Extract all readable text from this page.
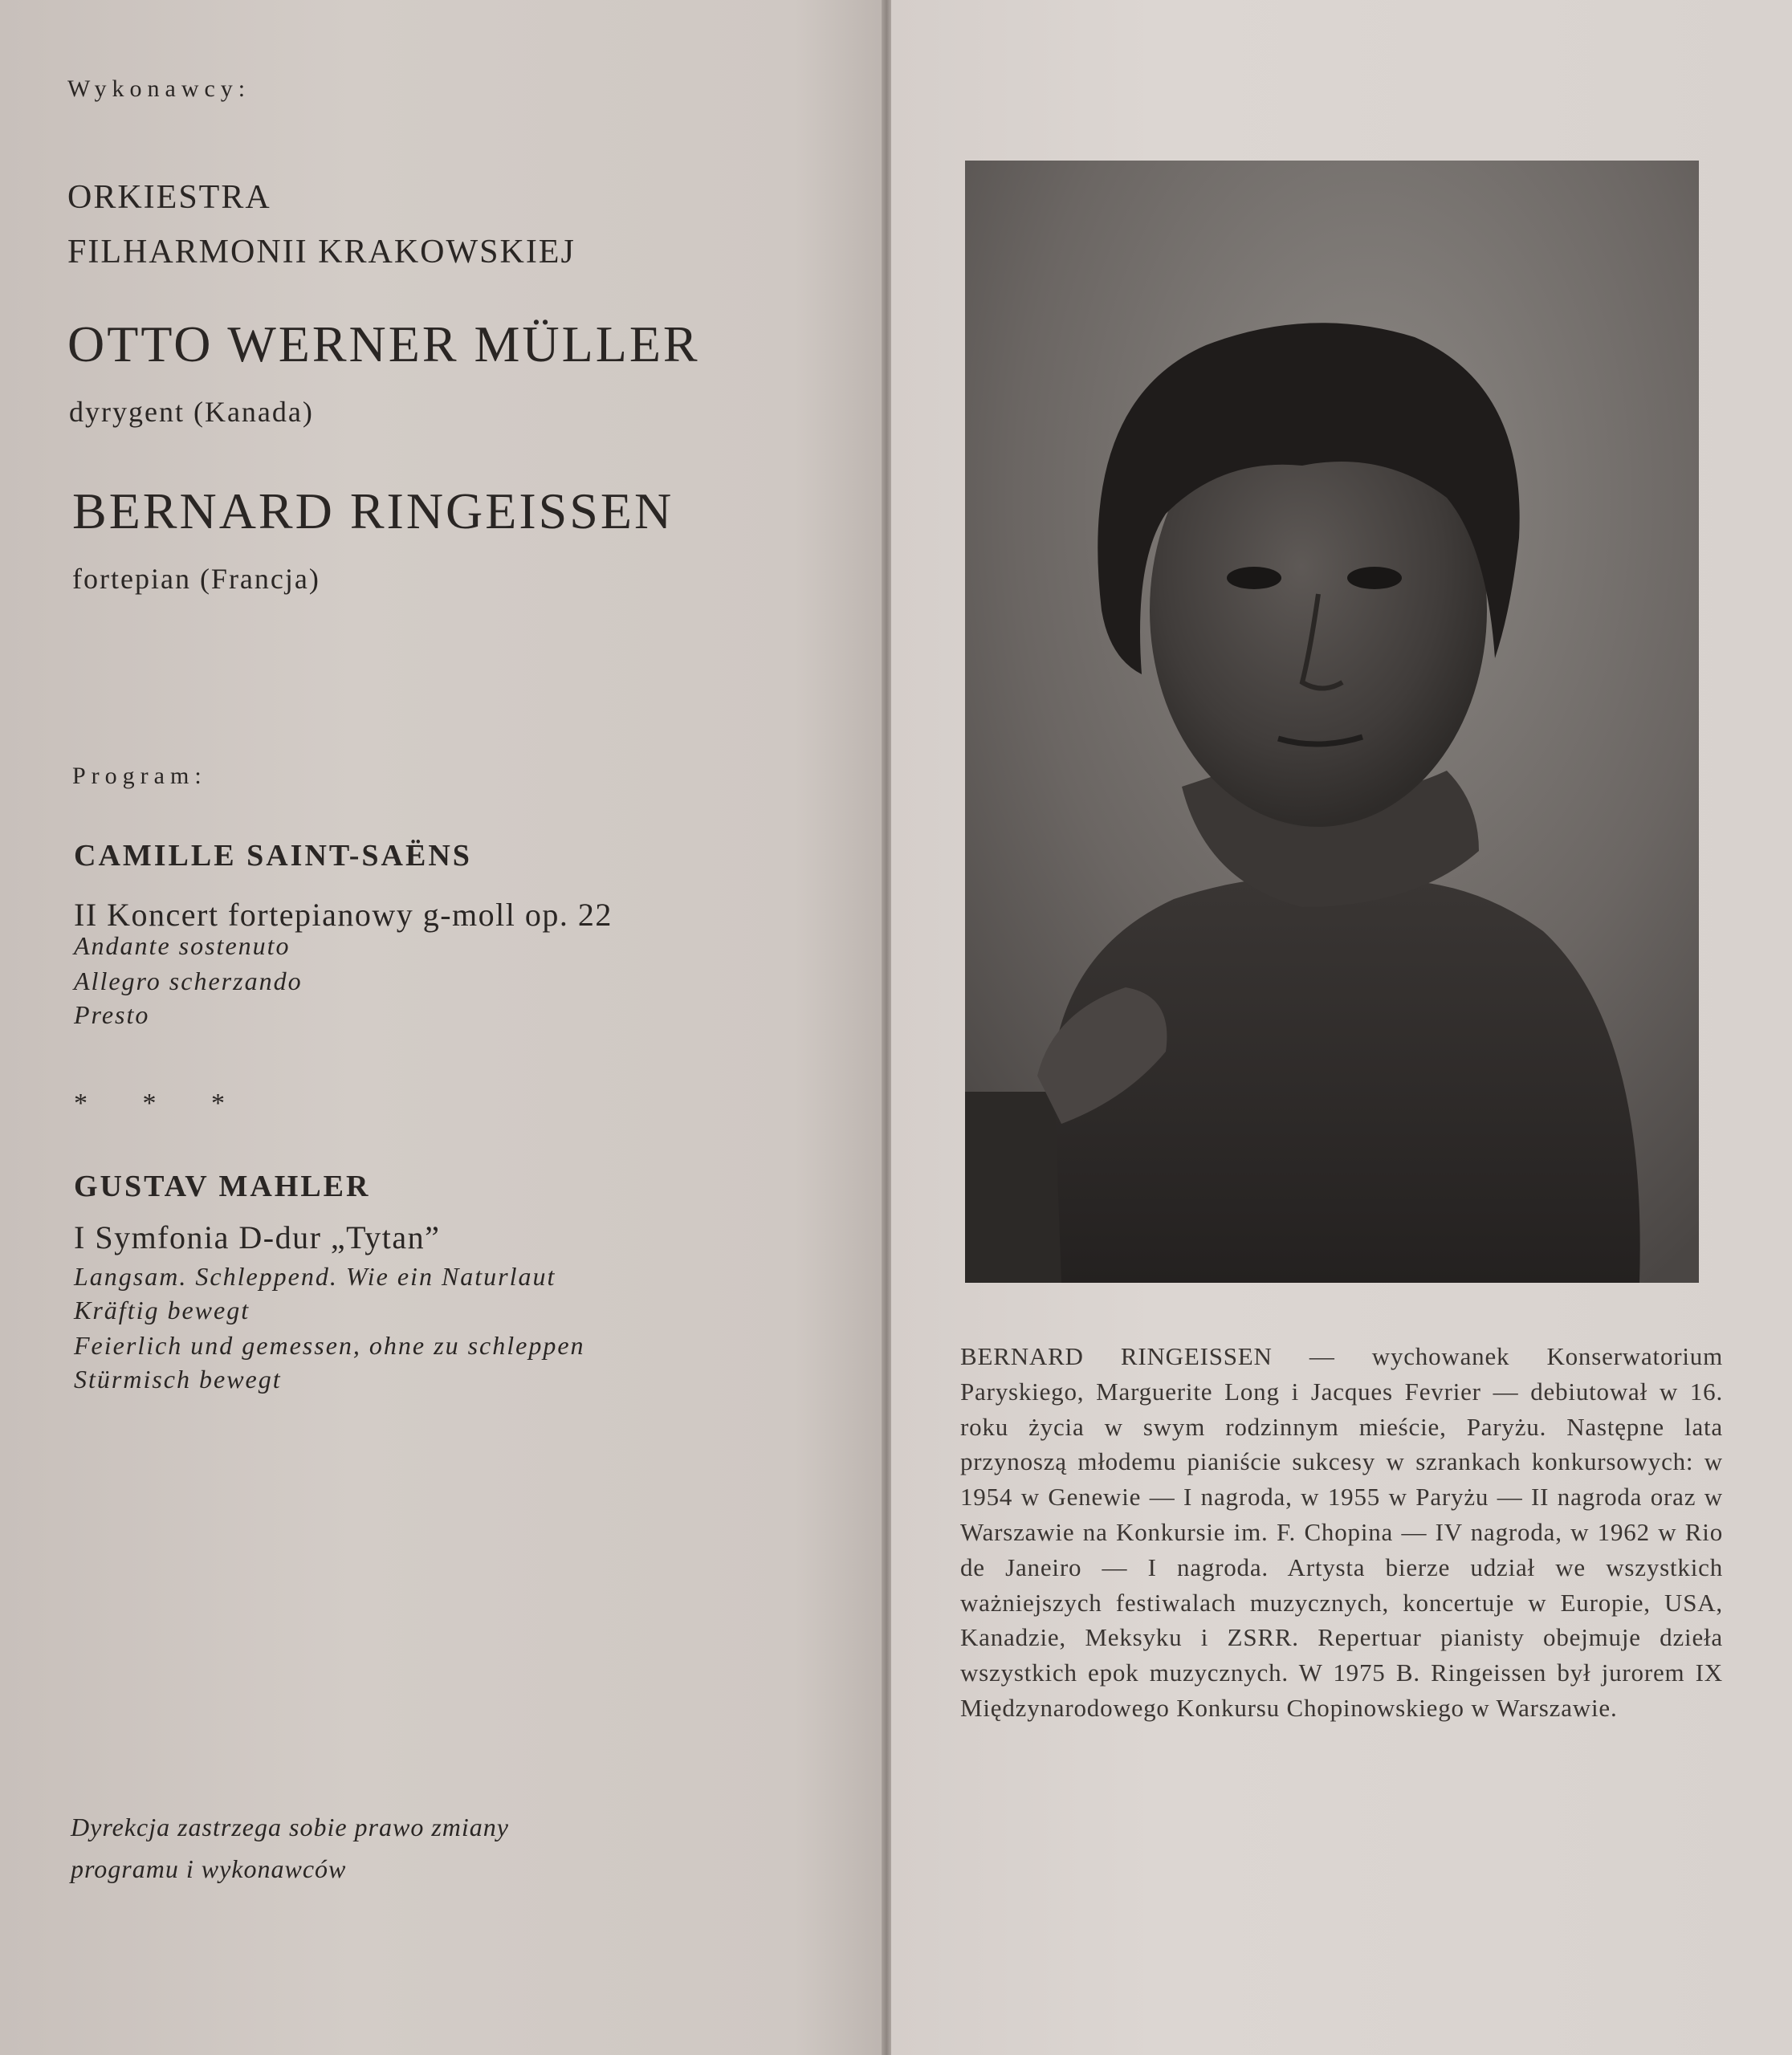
Wykonawcy:
ORKIESTRA
FILHARMONII KRAKOWSKIEJ
OTTO WERNER MÜLLER
dyrygent (Kanada)
BERNARD RINGEISSEN
fortepian (Francja)
Program:
CAMILLE SAINT-SAËNS
II Koncert fortepianowy g-moll op. 22
Andante sostenuto
Allegro scherzando
Presto
* * *
GUSTAV MAHLER
I Symfonia D-dur „Tytan”
Langsam. Schleppend. Wie ein Naturlaut
Kräftig bewegt
Feierlich und gemessen, ohne zu schleppen
Stürmisch bewegt
Dyrekcja zastrzega sobie prawo zmiany
programu i wykonawców
BERNARD RINGEISSEN — wychowanek Konserwatorium Paryskiego, Marguerite Long i Jacques Fevrier — debiutował w 16. roku życia w swym rodzinnym mieście, Paryżu. Następne lata przynoszą młodemu pianiście sukcesy w szrankach konkursowych: w 1954 w Genewie — I nagroda, w 1955 w Paryżu — II nagroda oraz w Warszawie na Konkursie im. F. Chopina — IV nagroda, w 1962 w Rio de Janeiro — I nagroda. Artysta bierze udział we wszystkich ważniejszych festiwalach muzycznych, koncertuje w Europie, USA, Kanadzie, Meksyku i ZSRR. Repertuar pianisty obejmuje dzieła wszystkich epok muzycznych. W 1975 B. Ringeissen był jurorem IX Międzynarodowego Konkursu Chopinowskiego w Warszawie.
